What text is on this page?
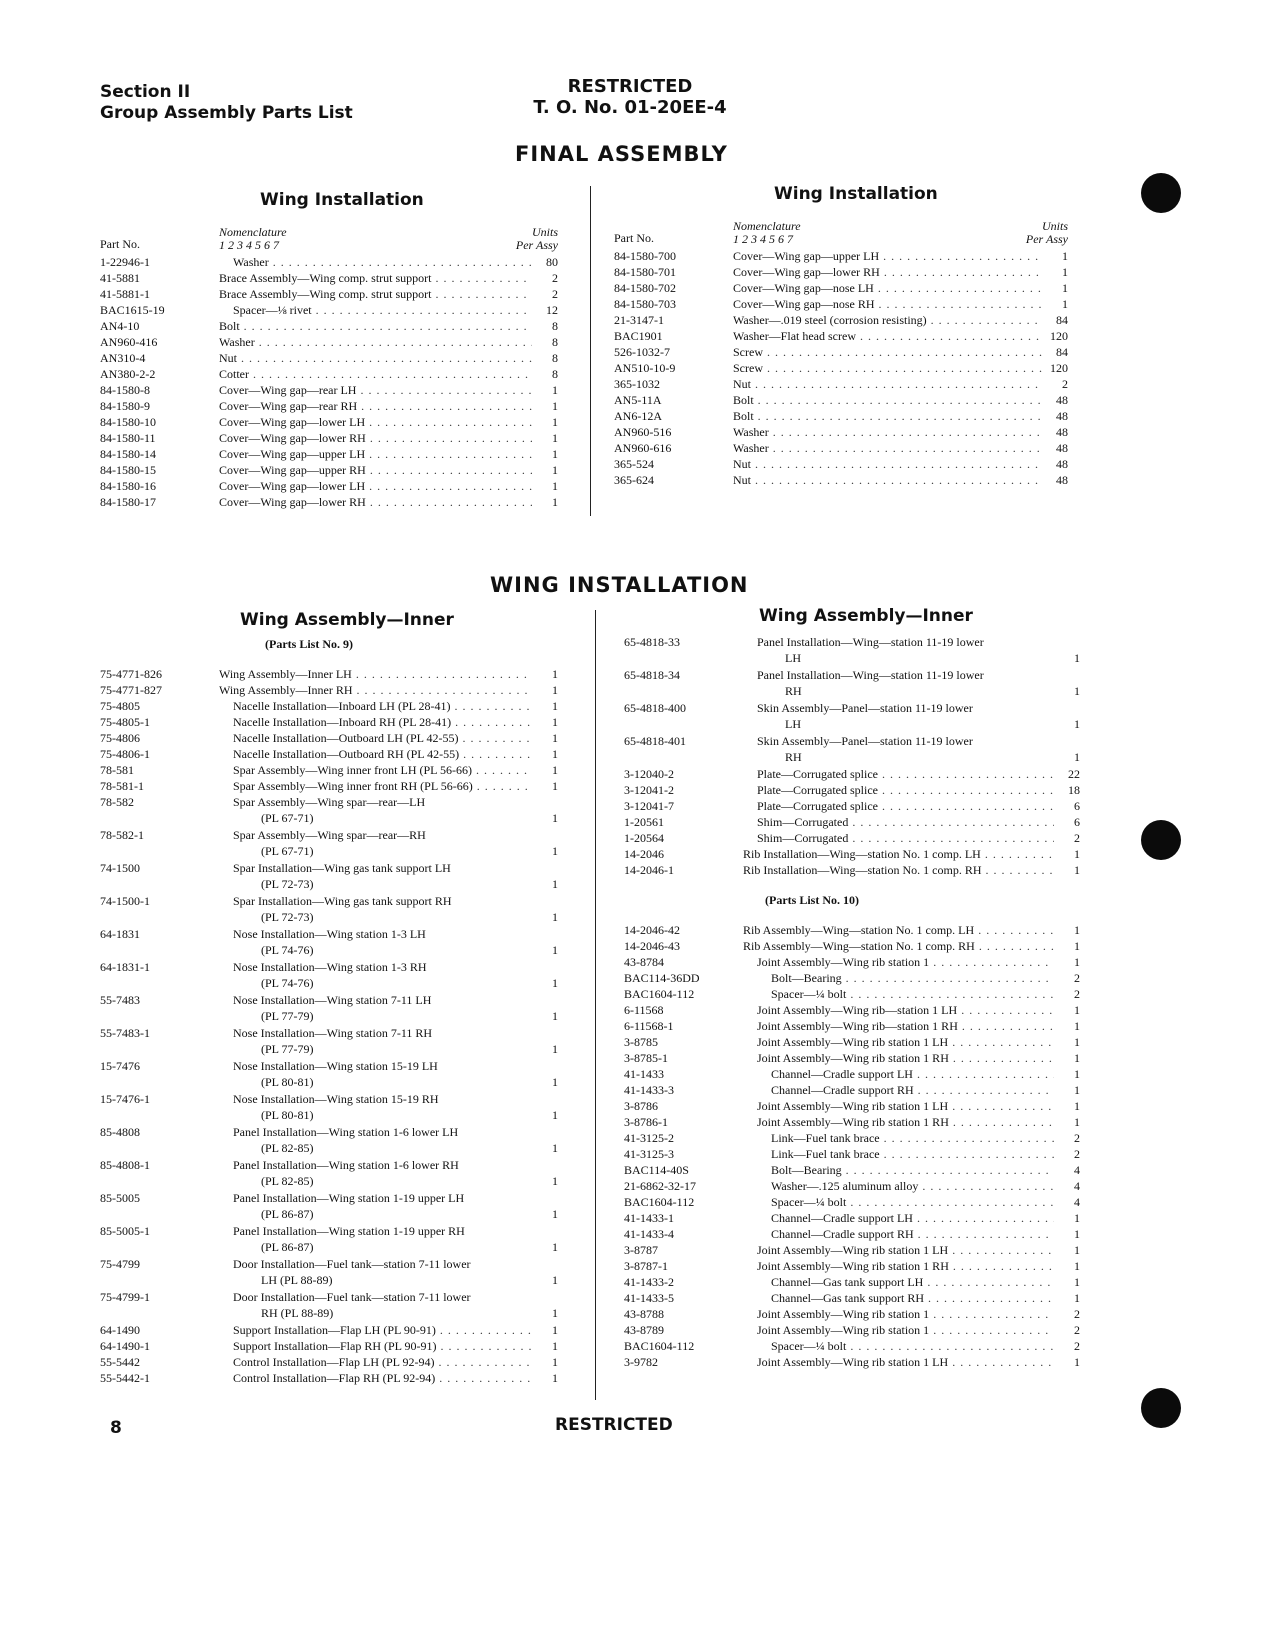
Section II
Group Assembly Parts List
RESTRICTED
T. O. No. 01-20EE-4
FINAL ASSEMBLY
Wing Installation
Part No.
Nomenclature
1 2 3 4 5 6 7
Units
Per Assy
1-22946-1	Washer . . .	80
41-5881	Brace Assembly—Wing comp. strut support . . .	2
41-5881-1	Brace Assembly—Wing comp. strut support . . .	2
BAC1615-19	Spacer—⅛ rivet . . .	12
AN4-10	Bolt . . .	8
AN960-416	Washer . . .	8
AN310-4	Nut . . .	8
AN380-2-2	Cotter . . .	8
84-1580-8	Cover—Wing gap—rear LH . . .	1
84-1580-9	Cover—Wing gap—rear RH . . .	1
84-1580-10	Cover—Wing gap—lower LH . . .	1
84-1580-11	Cover—Wing gap—lower RH . . .	1
84-1580-14	Cover—Wing gap—upper LH . . .	1
84-1580-15	Cover—Wing gap—upper RH . . .	1
84-1580-16	Cover—Wing gap—lower LH . . .	1
84-1580-17	Cover—Wing gap—lower RH . . .	1
Wing Installation
Part No.
Nomenclature
1 2 3 4 5 6 7
Units
Per Assy
84-1580-700	Cover—Wing gap—upper LH . . .	1
84-1580-701	Cover—Wing gap—lower RH . . .	1
84-1580-702	Cover—Wing gap—nose LH . . .	1
84-1580-703	Cover—Wing gap—nose RH . . .	1
21-3147-1	Washer—.019 steel (corrosion resisting) . . .	84
BAC1901	Washer—Flat head screw . . .	120
526-1032-7	Screw . . .	84
AN510-10-9	Screw . . .	120
365-1032	Nut . . .	2
AN5-11A	Bolt . . .	48
AN6-12A	Bolt . . .	48
AN960-516	Washer . . .	48
AN960-616	Washer . . .	48
365-524	Nut . . .	48
365-624	Nut . . .	48
WING INSTALLATION
Wing Assembly—Inner
(Parts List No. 9)
75-4771-826	Wing Assembly—Inner LH . . .	1
75-4771-827	Wing Assembly—Inner RH . . .	1
75-4805	Nacelle Installation—Inboard LH (PL 28-41) . . .	1
75-4805-1	Nacelle Installation—Inboard RH (PL 28-41) . . .	1
75-4806	Nacelle Installation—Outboard LH (PL 42-55) . . .	1
75-4806-1	Nacelle Installation—Outboard RH (PL 42-55) . . .	1
78-581	Spar Assembly—Wing inner front LH (PL 56-66) . . .	1
78-581-1	Spar Assembly—Wing inner front RH (PL 56-66) . . .	1
78-582	Spar Assembly—Wing spar—rear—LH
(PL 67-71)	1
78-582-1	Spar Assembly—Wing spar—rear—RH
(PL 67-71)	1
74-1500	Spar Installation—Wing gas tank support LH
(PL 72-73)	1
74-1500-1	Spar Installation—Wing gas tank support RH
(PL 72-73)	1
64-1831	Nose Installation—Wing station 1-3 LH
(PL 74-76)	1
64-1831-1	Nose Installation—Wing station 1-3 RH
(PL 74-76)	1
55-7483	Nose Installation—Wing station 7-11 LH
(PL 77-79)	1
55-7483-1	Nose Installation—Wing station 7-11 RH
(PL 77-79)	1
15-7476	Nose Installation—Wing station 15-19 LH
(PL 80-81)	1
15-7476-1	Nose Installation—Wing station 15-19 RH
(PL 80-81)	1
85-4808	Panel Installation—Wing station 1-6 lower LH
(PL 82-85)	1
85-4808-1	Panel Installation—Wing station 1-6 lower RH
(PL 82-85)	1
85-5005	Panel Installation—Wing station 1-19 upper LH
(PL 86-87)	1
85-5005-1	Panel Installation—Wing station 1-19 upper RH
(PL 86-87)	1
75-4799	Door Installation—Fuel tank—station 7-11 lower
LH (PL 88-89)	1
75-4799-1	Door Installation—Fuel tank—station 7-11 lower
RH (PL 88-89)	1
64-1490	Support Installation—Flap LH (PL 90-91) . . .	1
64-1490-1	Support Installation—Flap RH (PL 90-91) . . .	1
55-5442	Control Installation—Flap LH (PL 92-94) . . .	1
55-5442-1	Control Installation—Flap RH (PL 92-94) . . .	1
Wing Assembly—Inner
65-4818-33	Panel Installation—Wing—station 11-19 lower
LH	1
65-4818-34	Panel Installation—Wing—station 11-19 lower
RH	1
65-4818-400	Skin Assembly—Panel—station 11-19 lower
LH	1
65-4818-401	Skin Assembly—Panel—station 11-19 lower
RH	1
3-12040-2	Plate—Corrugated splice . . .	22
3-12041-2	Plate—Corrugated splice . . .	18
3-12041-7	Plate—Corrugated splice . . .	6
1-20561	Shim—Corrugated . . .	6
1-20564	Shim—Corrugated . . .	2
14-2046	Rib Installation—Wing—station No. 1 comp. LH . . .	1
14-2046-1	Rib Installation—Wing—station No. 1 comp. RH . . .	1
(Parts List No. 10)
14-2046-42	Rib Assembly—Wing—station No. 1 comp. LH . . .	1
14-2046-43	Rib Assembly—Wing—station No. 1 comp. RH . . .	1
43-8784	Joint Assembly—Wing rib station 1 . . .	1
BAC114-36DD	Bolt—Bearing . . .	2
BAC1604-112	Spacer—¼ bolt . . .	2
6-11568	Joint Assembly—Wing rib—station 1 LH . . .	1
6-11568-1	Joint Assembly—Wing rib—station 1 RH . . .	1
3-8785	Joint Assembly—Wing rib station 1 LH . . .	1
3-8785-1	Joint Assembly—Wing rib station 1 RH . . .	1
41-1433	Channel—Cradle support LH . . .	1
41-1433-3	Channel—Cradle support RH . . .	1
3-8786	Joint Assembly—Wing rib station 1 LH . . .	1
3-8786-1	Joint Assembly—Wing rib station 1 RH . . .	1
41-3125-2	Link—Fuel tank brace . . .	2
41-3125-3	Link—Fuel tank brace . . .	2
BAC114-40S	Bolt—Bearing . . .	4
21-6862-32-17	Washer—.125 aluminum alloy . . .	4
BAC1604-112	Spacer—¼ bolt . . .	4
41-1433-1	Channel—Cradle support LH . . .	1
41-1433-4	Channel—Cradle support RH . . .	1
3-8787	Joint Assembly—Wing rib station 1 LH . . .	1
3-8787-1	Joint Assembly—Wing rib station 1 RH . . .	1
41-1433-2	Channel—Gas tank support LH . . .	1
41-1433-5	Channel—Gas tank support RH . . .	1
43-8788	Joint Assembly—Wing rib station 1 . . .	2
43-8789	Joint Assembly—Wing rib station 1 . . .	2
BAC1604-112	Spacer—¼ bolt . . .	2
3-9782	Joint Assembly—Wing rib station 1 LH . . .	1
8	RESTRICTED
